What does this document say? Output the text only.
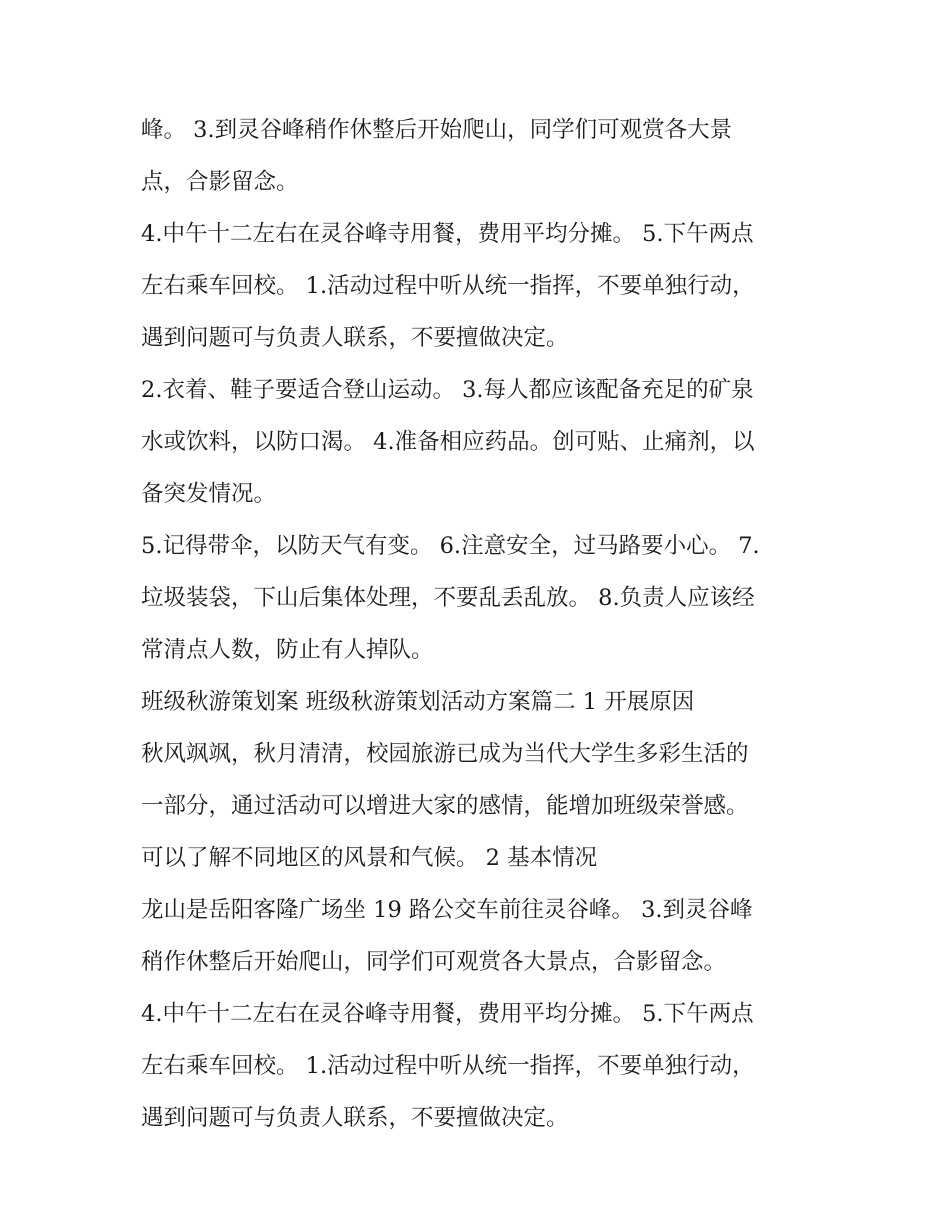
峰。 3.到灵谷峰稍作休整后开始爬山，同学们可观赏各大景
点，合影留念。

4.中午十二左右在灵谷峰寺用餐，费用平均分摊。 5.下午两点
左右乘车回校。 1.活动过程中听从统一指挥，不要单独行动，
遇到问题可与负责人联系，不要擅做决定。

2.衣着、鞋子要适合登山运动。 3.每人都应该配备充足的矿泉
水或饮料，以防口渴。 4.准备相应药品。创可贴、止痛剂，以
备突发情况。

5.记得带伞，以防天气有变。 6.注意安全，过马路要小心。 7.
垃圾装袋，下山后集体处理，不要乱丢乱放。 8.负责人应该经
常清点人数，防止有人掉队。

班级秋游策划案 班级秋游策划活动方案篇二 1 开展原因

秋风飒飒，秋月清清，校园旅游已成为当代大学生多彩生活的
一部分，通过活动可以增进大家的感情，能增加班级荣誉感。
可以了解不同地区的风景和气候。 2 基本情况

龙山是岳阳客隆广场坐 19 路公交车前往灵谷峰。 3.到灵谷峰
稍作休整后开始爬山，同学们可观赏各大景点，合影留念。

4.中午十二左右在灵谷峰寺用餐，费用平均分摊。 5.下午两点
左右乘车回校。 1.活动过程中听从统一指挥，不要单独行动，
遇到问题可与负责人联系，不要擅做决定。
